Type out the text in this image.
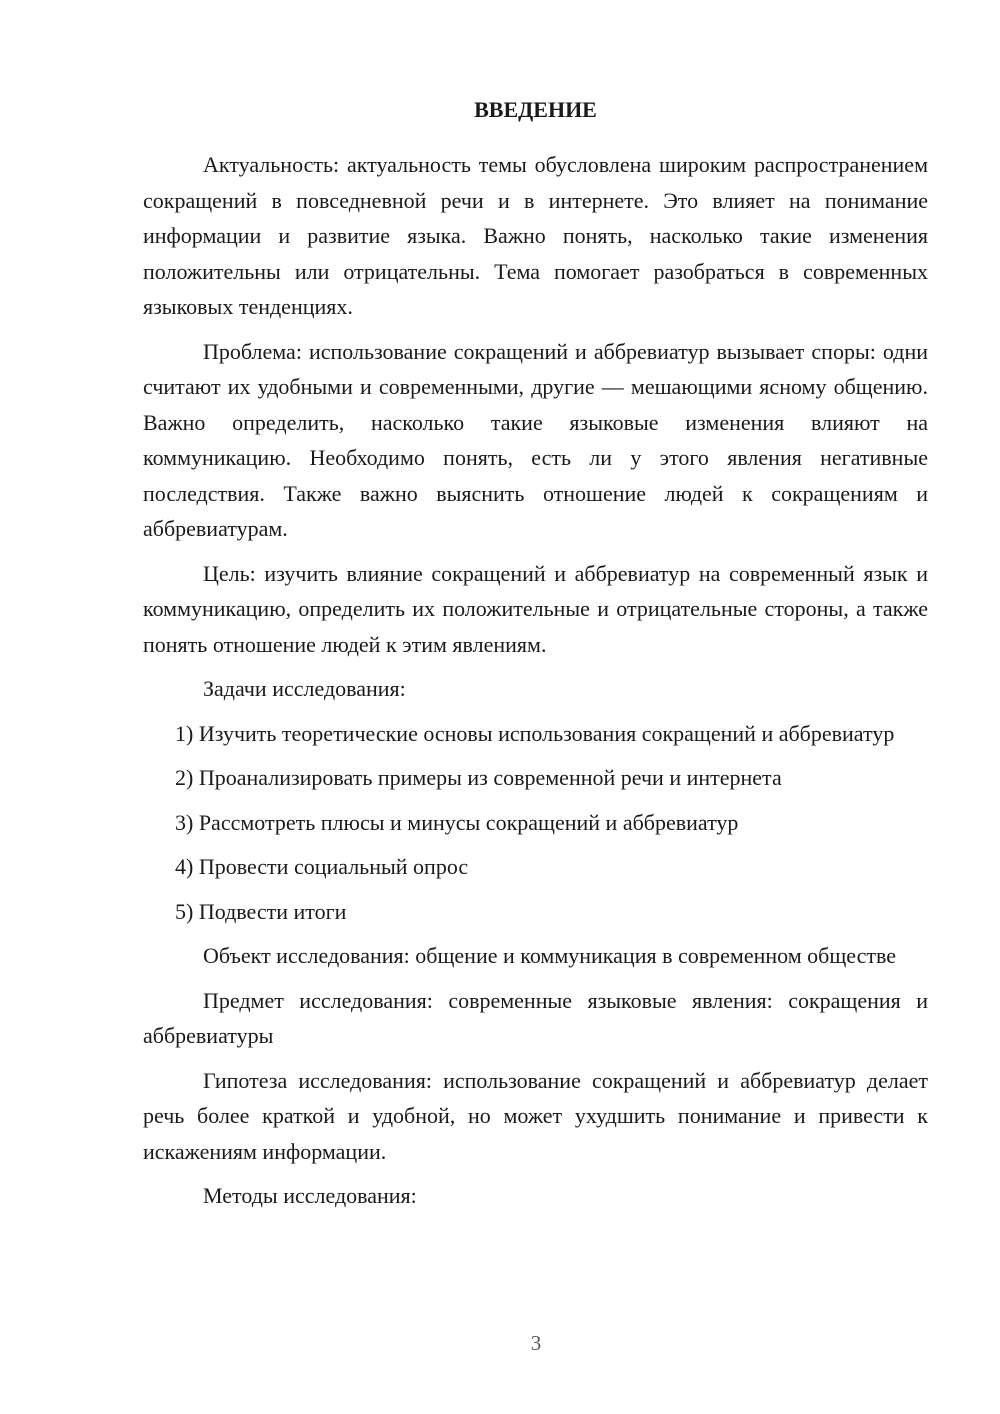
ВВЕДЕНИЕ

Актуальность: актуальность темы обусловлена широким распространением сокращений в повседневной речи и в интернете. Это влияет на понимание информации и развитие языка. Важно понять, насколько такие изменения положительны или отрицательны. Тема помогает разобраться в современных языковых тенденциях.

Проблема: использование сокращений и аббревиатур вызывает споры: одни считают их удобными и современными, другие — мешающими ясному общению. Важно определить, насколько такие языковые изменения влияют на коммуникацию. Необходимо понять, есть ли у этого явления негативные последствия. Также важно выяснить отношение людей к сокращениям и аббревиатурам.

Цель: изучить влияние сокращений и аббревиатур на современный язык и коммуникацию, определить их положительные и отрицательные стороны, а также понять отношение людей к этим явлениям.

Задачи исследования:

1) Изучить теоретические основы использования сокращений и аббревиатур

2) Проанализировать примеры из современной речи и интернета

3) Рассмотреть плюсы и минусы сокращений и аббревиатур

4) Провести социальный опрос

5) Подвести итоги

Объект исследования: общение и коммуникация в современном обществе

Предмет исследования: современные языковые явления: сокращения и аббревиатуры

Гипотеза исследования: использование сокращений и аббревиатур делает речь более краткой и удобной, но может ухудшить понимание и привести к искажениям информации.

Методы исследования:

3
